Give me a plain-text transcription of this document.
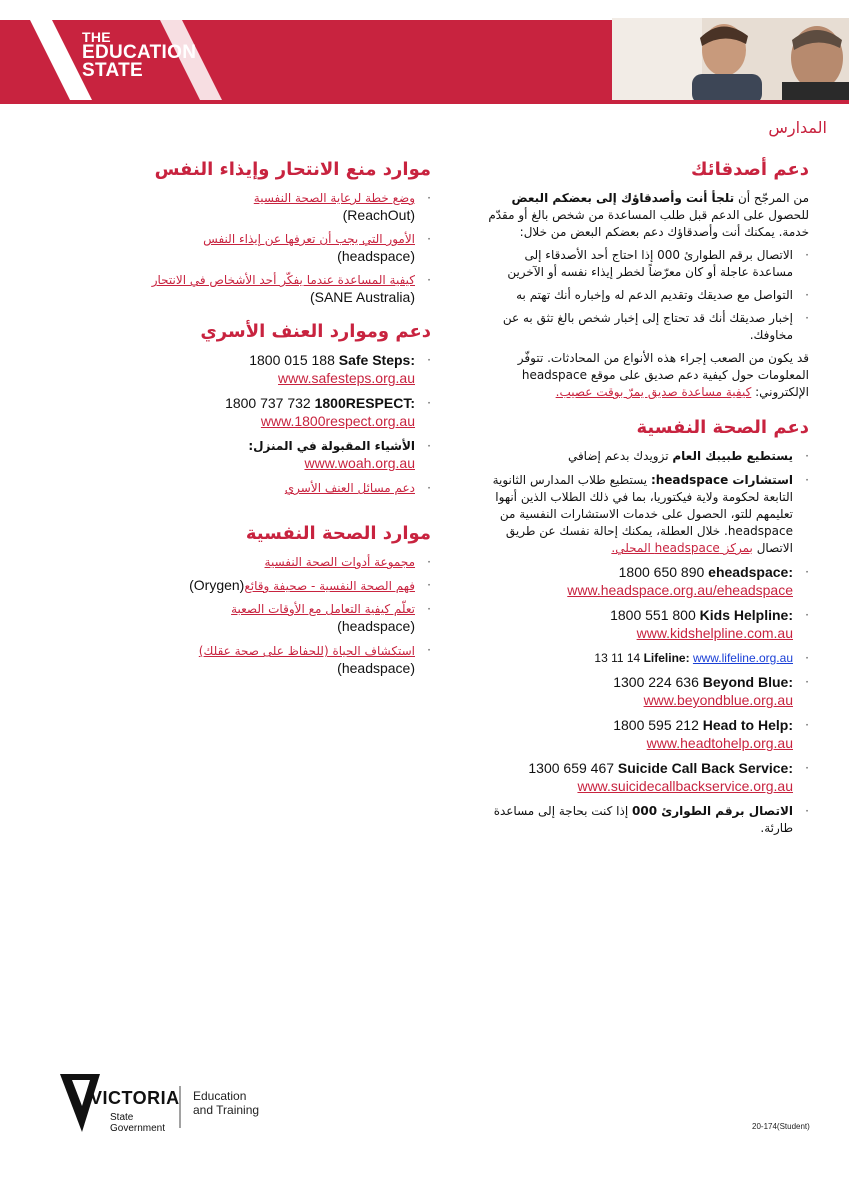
THE
EDUCATION
STATE
المدارس
دعم أصدقائك

من المرجّح أن تلجأ أنت وأصدقاؤك إلى بعضكم البعض للحصول على الدعم قبل طلب المساعدة من شخص بالغ أو مقدّم خدمة. يمكنك أنت وأصدقاؤك دعم بعضكم البعض من خلال:

· الاتصال برقم الطوارئ 000 إذا احتاج أحد الأصدقاء إلى مساعدة عاجلة أو كان معرّضاً لخطر إيذاء نفسه أو الآخرين
· التواصل مع صديقك وتقديم الدعم له وإخباره أنك تهتم به
· إخبار صديقك أنك قد تحتاج إلى إخبار شخص بالغ تثق به عن مخاوفك.

قد يكون من الصعب إجراء هذه الأنواع من المحادثات. تتوفّر المعلومات حول كيفية دعم صديق على موقع headspace الإلكتروني: كيفية مساعدة صديق يمرّ بوقت عصيب.

دعم الصحة النفسية
· يستطيع طبيبك العام تزويدك بدعم إضافي
· استشارات headspace: يستطيع طلاب المدارس الثانوية التابعة لحكومة ولاية فيكتوريا، بما في ذلك الطلاب الذين أنهوا تعليمهم للتو، الحصول على خدمات الاستشارات النفسية من headspace. خلال العطلة، يمكنك إحالة نفسك عن طريق الاتصال بمركز headspace المحلي.
· 1800 650 890 eheadspace:
www.headspace.org.au/eheadspace
· 1800 551 800 Kids Helpline:
www.kidshelpline.com.au
· 13 11 14 Lifeline: www.lifeline.org.au
· 1300 224 636 Beyond Blue:
www.beyondblue.org.au
· 1800 595 212 Head to Help:
www.headtohelp.org.au
· 1300 659 467 Suicide Call Back Service:
www.suicidecallbackservice.org.au
· الاتصال برقم الطوارئ 000 إذا كنت بحاجة إلى مساعدة طارئة.
موارد منع الانتحار وإيذاء النفس
· وضع خطة لرعاية الصحة النفسية
(ReachOut)
· الأمور التي يجب أن تعرفها عن إيذاء النفس
(headspace)
· كيفية المساعدة عندما يفكّر أحد الأشخاص في الانتحار
(SANE Australia)
دعم وموارد العنف الأسري
· 1800 015 188 Safe Steps:
www.safesteps.org.au
· 1800 737 732 1800RESPECT:
www.1800respect.org.au
· الأشياء المقبولة في المنزل:
www.woah.org.au
· دعم مسائل العنف الأسري
موارد الصحة النفسية
· مجموعة أدوات الصحة النفسية
· فهم الصحة النفسية - صحيفة وقائع (Orygen)
· تعلّم كيفية التعامل مع الأوقات الصعبة
(headspace)
· استكشاف الحياة (للحفاظ على صحة عقلك) (headspace)
VICTORIA
State
Government
Education
and Training
20-174(Student)
